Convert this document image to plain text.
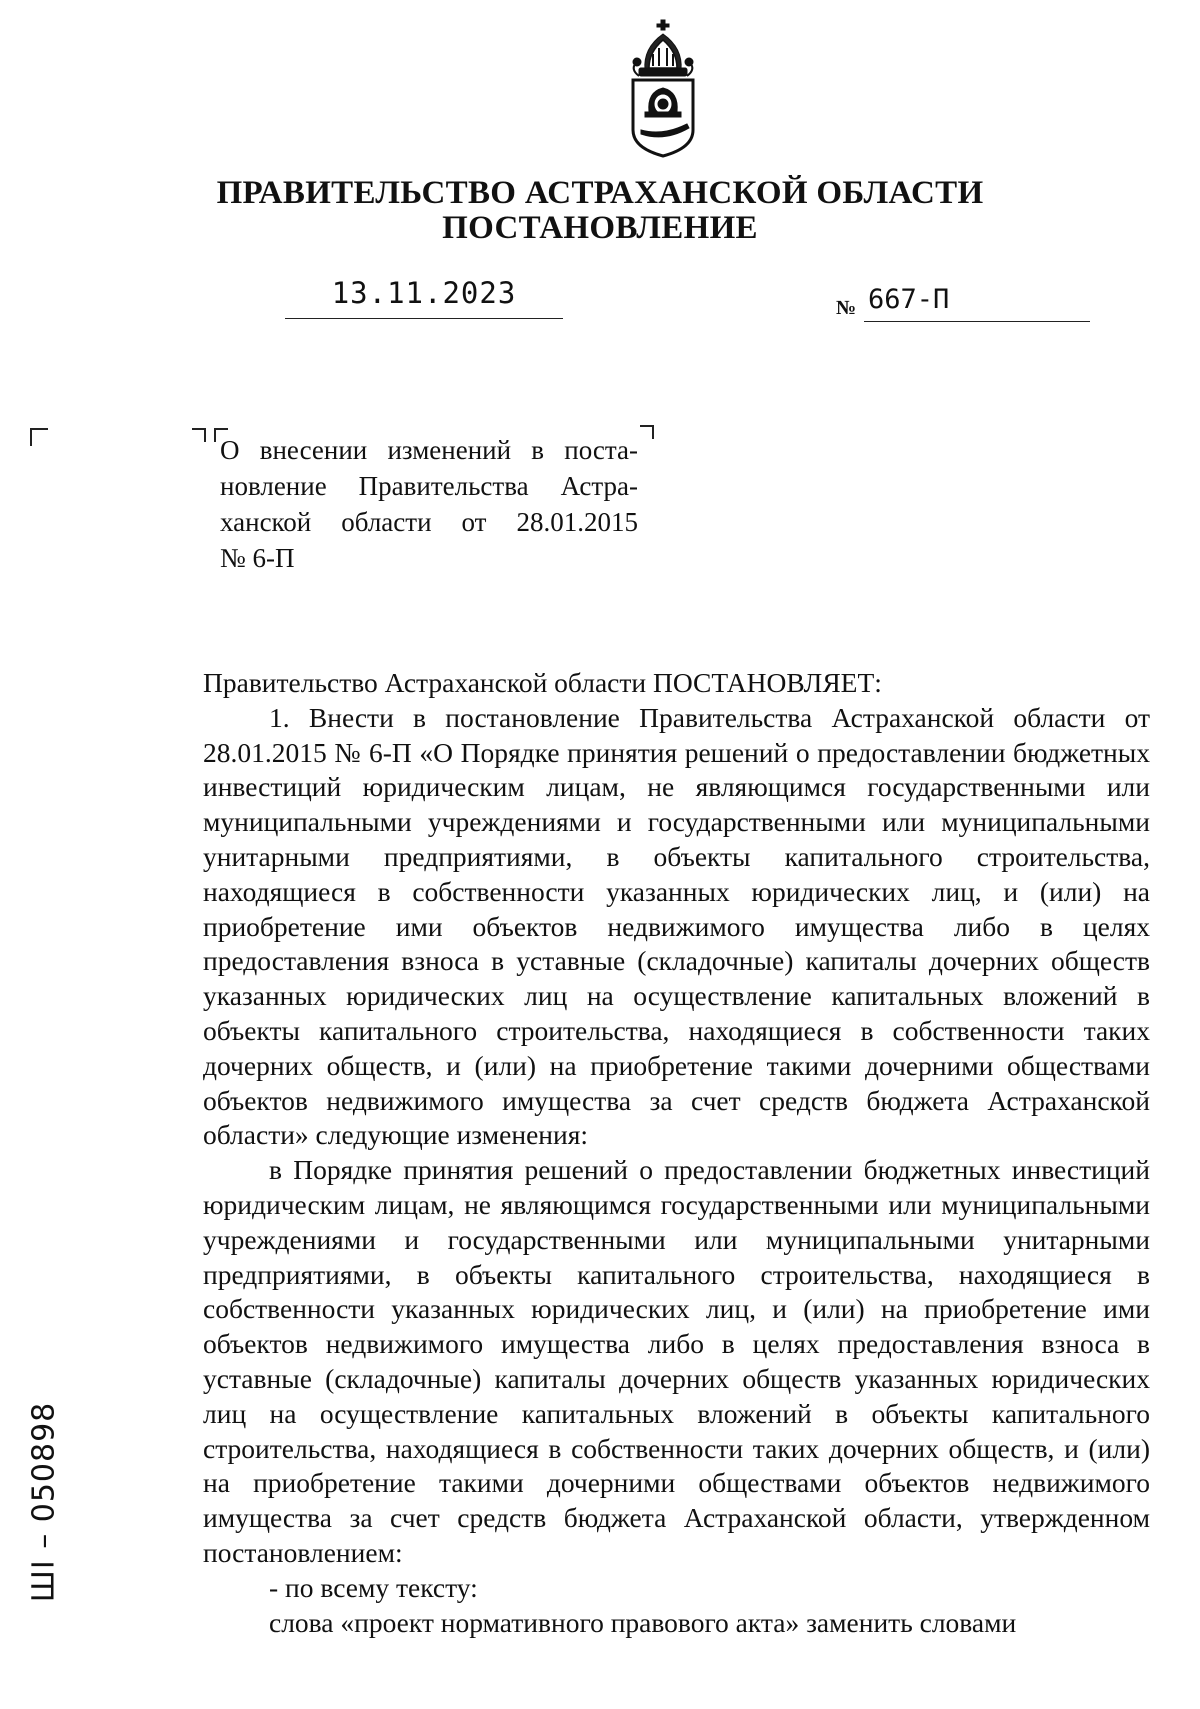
ПРАВИТЕЛЬСТВО АСТРАХАНСКОЙ ОБЛАСТИ
ПОСТАНОВЛЕНИЕ
13.11.2023	№ 667-П
О внесении изменений в поста-
новление Правительства Астра-
ханской области от 28.01.2015
№ 6-П

Правительство Астраханской области ПОСТАНОВЛЯЕТ:

1. Внести в постановление Правительства Астраханской области от 28.01.2015 № 6-П «О Порядке принятия решений о предоставлении бюджетных инвестиций юридическим лицам, не являющимся государственными или муниципальными учреждениями и государственными или муниципальными унитарными предприятиями, в объекты капитального строительства, находящиеся в собственности указанных юридических лиц, и (или) на приобретение ими объектов недвижимого имущества либо в целях предоставления взноса в уставные (складочные) капиталы дочерних обществ указанных юридических лиц на осуществление капитальных вложений в объекты капитального строительства, находящиеся в собственности таких дочерних обществ, и (или) на приобретение такими дочерними обществами объектов недвижимого имущества за счет средств бюджета Астраханской области» следующие изменения:

в Порядке принятия решений о предоставлении бюджетных инвестиций юридическим лицам, не являющимся государственными или муниципальными учреждениями и государственными или муниципальными унитарными предприятиями, в объекты капитального строительства, находящиеся в собственности указанных юридических лиц, и (или) на приобретение ими объектов недвижимого имущества либо в целях предоставления взноса в уставные (складочные) капиталы дочерних обществ указанных юридических лиц на осуществление капитальных вложений в объекты капитального строительства, находящиеся в собственности таких дочерних обществ, и (или) на приобретение такими дочерними обществами объектов недвижимого имущества за счет средств бюджета Астраханской области, утвержденном постановлением:

- по всему тексту:

слова «проект нормативного правового акта» заменить словами

ШI – 050898
